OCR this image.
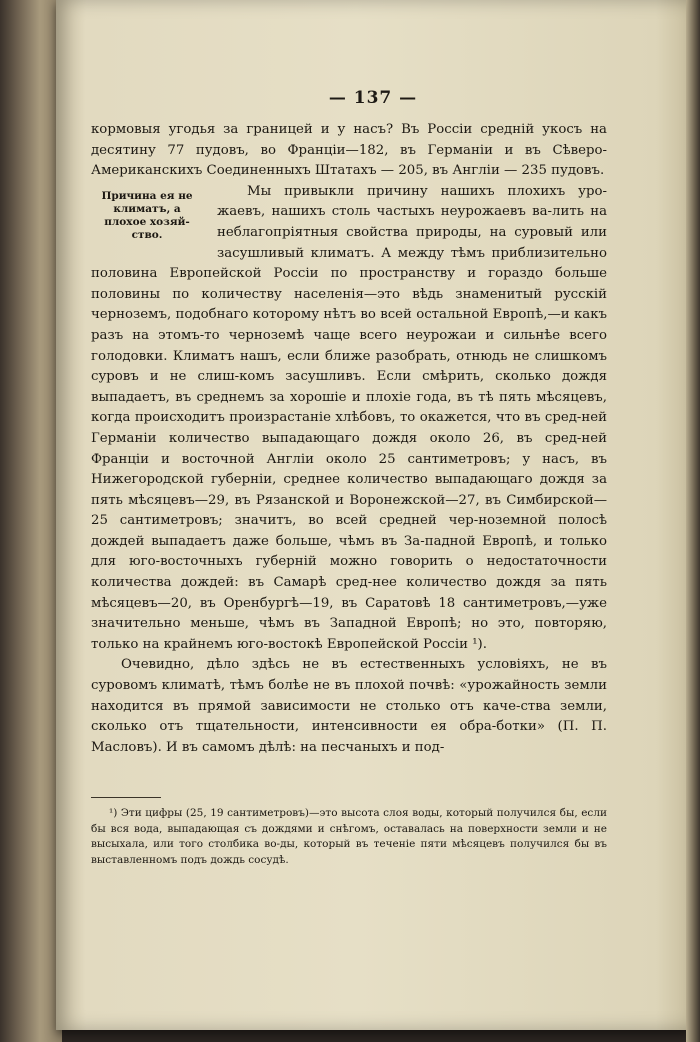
— 137 —

кормовыя угодья за границей и у насъ? Въ Россіи средній укосъ на десятину 77 пудовъ, во Франціи—182, въ Германіи и въ Сѣверо-Американскихъ Соединенныхъ Штатахъ — 205, въ Англіи — 235 пудовъ.

Причина ея не климатъ, а плохое хозяй-ство.

Мы привыкли причину нашихъ плохихъ уро-жаевъ, нашихъ столь частыхъ неурожаевъ ва-лить на неблагопріятныя свойства природы, на суровый или засушливый климатъ. А между тѣмъ приблизительно половина Европейской Россіи по пространству и гораздо больше половины по количеству населенія—это вѣдь знаменитый русскій черноземъ, подобнаго которому нѣтъ во всей остальной Европѣ,—и какъ разъ на этомъ-то черноземѣ чаще всего неурожаи и сильнѣе всего голодовки. Климатъ нашъ, если ближе разобрать, отнюдь не слишкомъ суровъ и не слиш-комъ засушливъ. Если смѣрить, сколько дождя выпадаетъ, въ среднемъ за хорошіе и плохіе года, въ тѣ пять мѣсяцевъ, когда происходитъ произрастаніе хлѣбовъ, то окажется, что въ сред-ней Германіи количество выпадающаго дождя около 26, въ сред-ней Франціи и восточной Англіи около 25 сантиметровъ; у насъ, въ Нижегородской губерніи, среднее количество выпадающаго дождя за пять мѣсяцевъ—29, въ Рязанской и Воронежской—27, въ Симбирской—25 сантиметровъ; значитъ, во всей средней чер-ноземной полосѣ дождей выпадаетъ даже больше, чѣмъ въ За-падной Европѣ, и только для юго-восточныхъ губерній можно говорить о недостаточности количества дождей: въ Самарѣ сред-нее количество дождя за пять мѣсяцевъ—20, въ Оренбургѣ—19, въ Саратовѣ 18 сантиметровъ,—уже значительно меньше, чѣмъ въ Западной Европѣ; но это, повторяю, только на крайнемъ юго-востокѣ Европейской Россіи ¹).

Очевидно, дѣло здѣсь не въ естественныхъ условіяхъ, не въ суровомъ климатѣ, тѣмъ болѣе не въ плохой почвѣ: «урожайность земли находится въ прямой зависимости не столько отъ каче-ства земли, сколько отъ тщательности, интенсивности ея обра-ботки» (П. П. Масловъ). И въ самомъ дѣлѣ: на песчаныхъ и под-

¹) Эти цифры (25, 19 сантиметровъ)—это высота слоя воды, который получился бы, если бы вся вода, выпадающая съ дождями и снѣгомъ, оставалась на поверхности земли и не высыхала, или того столбика во-ды, который въ теченіе пяти мѣсяцевъ получился бы въ выставленномъ подъ дождь сосудѣ.
